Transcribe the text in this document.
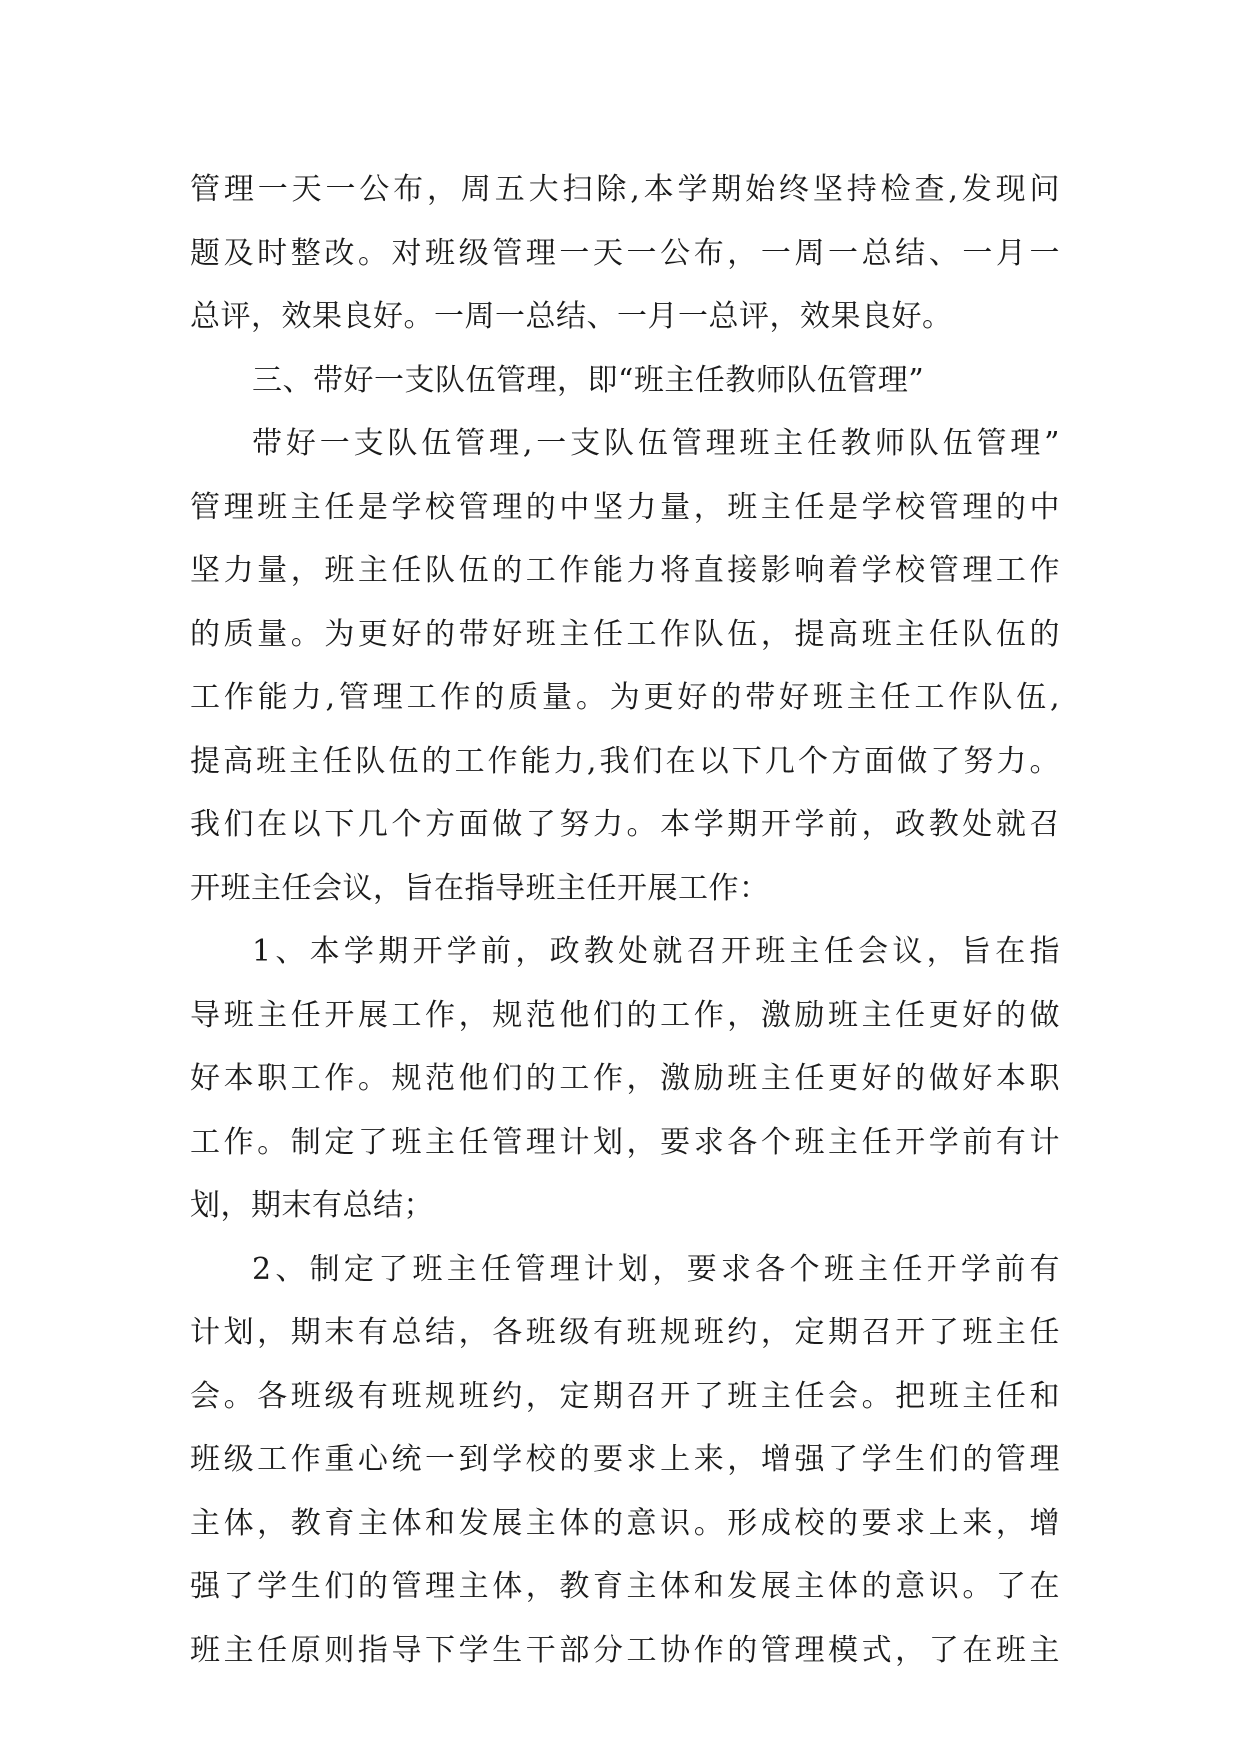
管理一天一公布，周五大扫除,本学期始终坚持检查,发现问
题及时整改。对班级管理一天一公布，一周一总结、一月一
总评，效果良好。一周一总结、一月一总评，效果良好。
三、带好一支队伍管理，即“班主任教师队伍管理”
带好一支队伍管理,一支队伍管理班主任教师队伍管理”
管理班主任是学校管理的中坚力量，班主任是学校管理的中
坚力量，班主任队伍的工作能力将直接影响着学校管理工作
的质量。为更好的带好班主任工作队伍，提高班主任队伍的
工作能力,管理工作的质量。为更好的带好班主任工作队伍,
提高班主任队伍的工作能力,我们在以下几个方面做了努力。
我们在以下几个方面做了努力。本学期开学前，政教处就召
开班主任会议，旨在指导班主任开展工作：
1、本学期开学前，政教处就召开班主任会议，旨在指
导班主任开展工作，规范他们的工作，激励班主任更好的做
好本职工作。规范他们的工作，激励班主任更好的做好本职
工作。制定了班主任管理计划，要求各个班主任开学前有计
划，期末有总结；
2、制定了班主任管理计划，要求各个班主任开学前有
计划，期末有总结，各班级有班规班约，定期召开了班主任
会。各班级有班规班约，定期召开了班主任会。把班主任和
班级工作重心统一到学校的要求上来，增强了学生们的管理
主体，教育主体和发展主体的意识。形成校的要求上来，增
强了学生们的管理主体，教育主体和发展主体的意识。了在
班主任原则指导下学生干部分工协作的管理模式，了在班主
